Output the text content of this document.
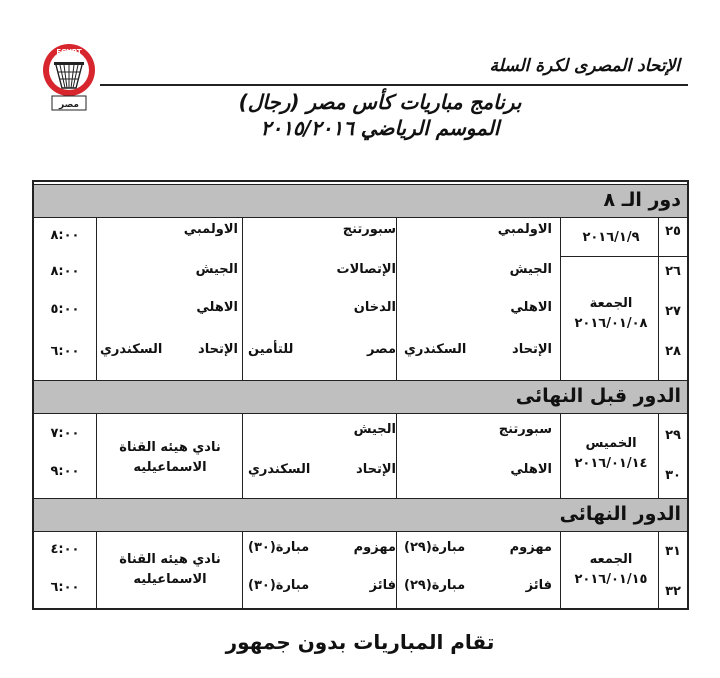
EGYPT
مصر
الإتحاد المصرى لكرة السلة
برنامج مباريات كأس مصر (رجال)
الموسم الرياضي ٢٠١٥/٢٠١٦
دور الـ ٨
٢٥
٢٠١٦/١/٩
الاولمبي
سبورتنج
الاولمبي
٨:٠٠
الجمعة ٢٠١٦/٠١/٠٨
٢٦
الجيش
الإتصالات
الجيش
٨:٠٠
٢٧
الاهلي
الدخان
الاهلي
٥:٠٠
٢٨
الإتحاد السكندري
مصر للتأمين
الإتحاد السكندري
٦:٠٠
الدور قبل النهائى
الخميس ٢٠١٦/٠١/١٤
نادي هيئه القناة الاسماعيليه
٢٩
سبورتنج
الجيش
٧:٠٠
٣٠
الاهلي
الإتحاد السكندري
٩:٠٠
الدور النهائى
الجمعه ٢٠١٦/٠١/١٥
نادي هيئه القناة الاسماعيليه
٣١
مهزوم مبارة(٢٩)
مهزوم مبارة(٣٠)
٤:٠٠
٣٢
فائز مبارة(٢٩)
فائز مبارة(٣٠)
٦:٠٠
تقام المباريات بدون جمهور
